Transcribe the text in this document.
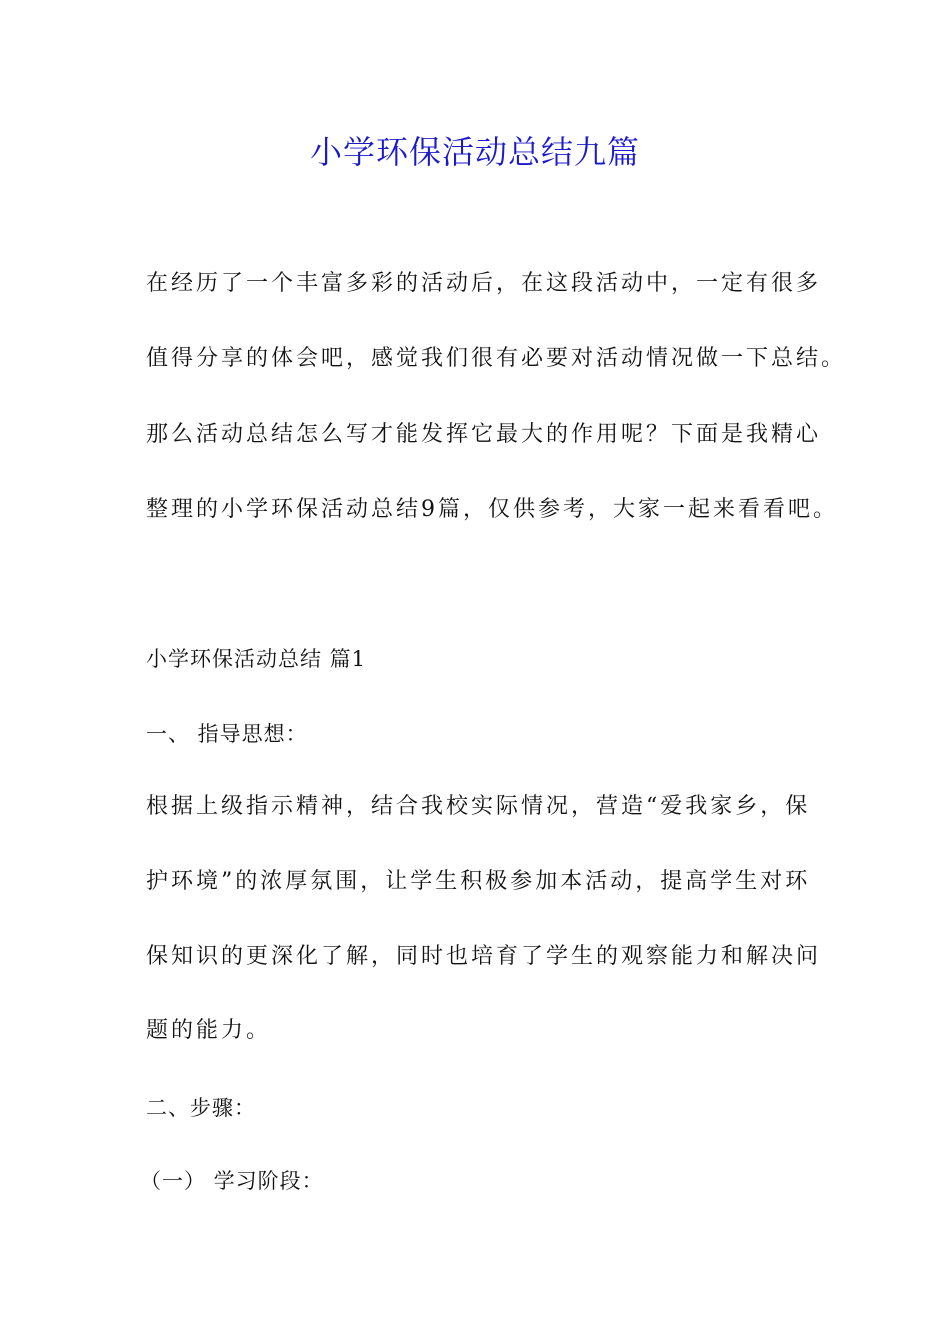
小学环保活动总结九篇

在经历了一个丰富多彩的活动后，在这段活动中，一定有很多

值得分享的体会吧，感觉我们很有必要对活动情况做一下总结。

那么活动总结怎么写才能发挥它最大的作用呢？下面是我精心

整理的小学环保活动总结9篇，仅供参考，大家一起来看看吧。

小学环保活动总结 篇1

一、 指导思想：

根据上级指示精神，结合我校实际情况，营造“爱我家乡，保

护环境”的浓厚氛围，让学生积极参加本活动，提高学生对环

保知识的更深化了解，同时也培育了学生的观察能力和解决问

题的能力。

二、步骤：

（一） 学习阶段：
